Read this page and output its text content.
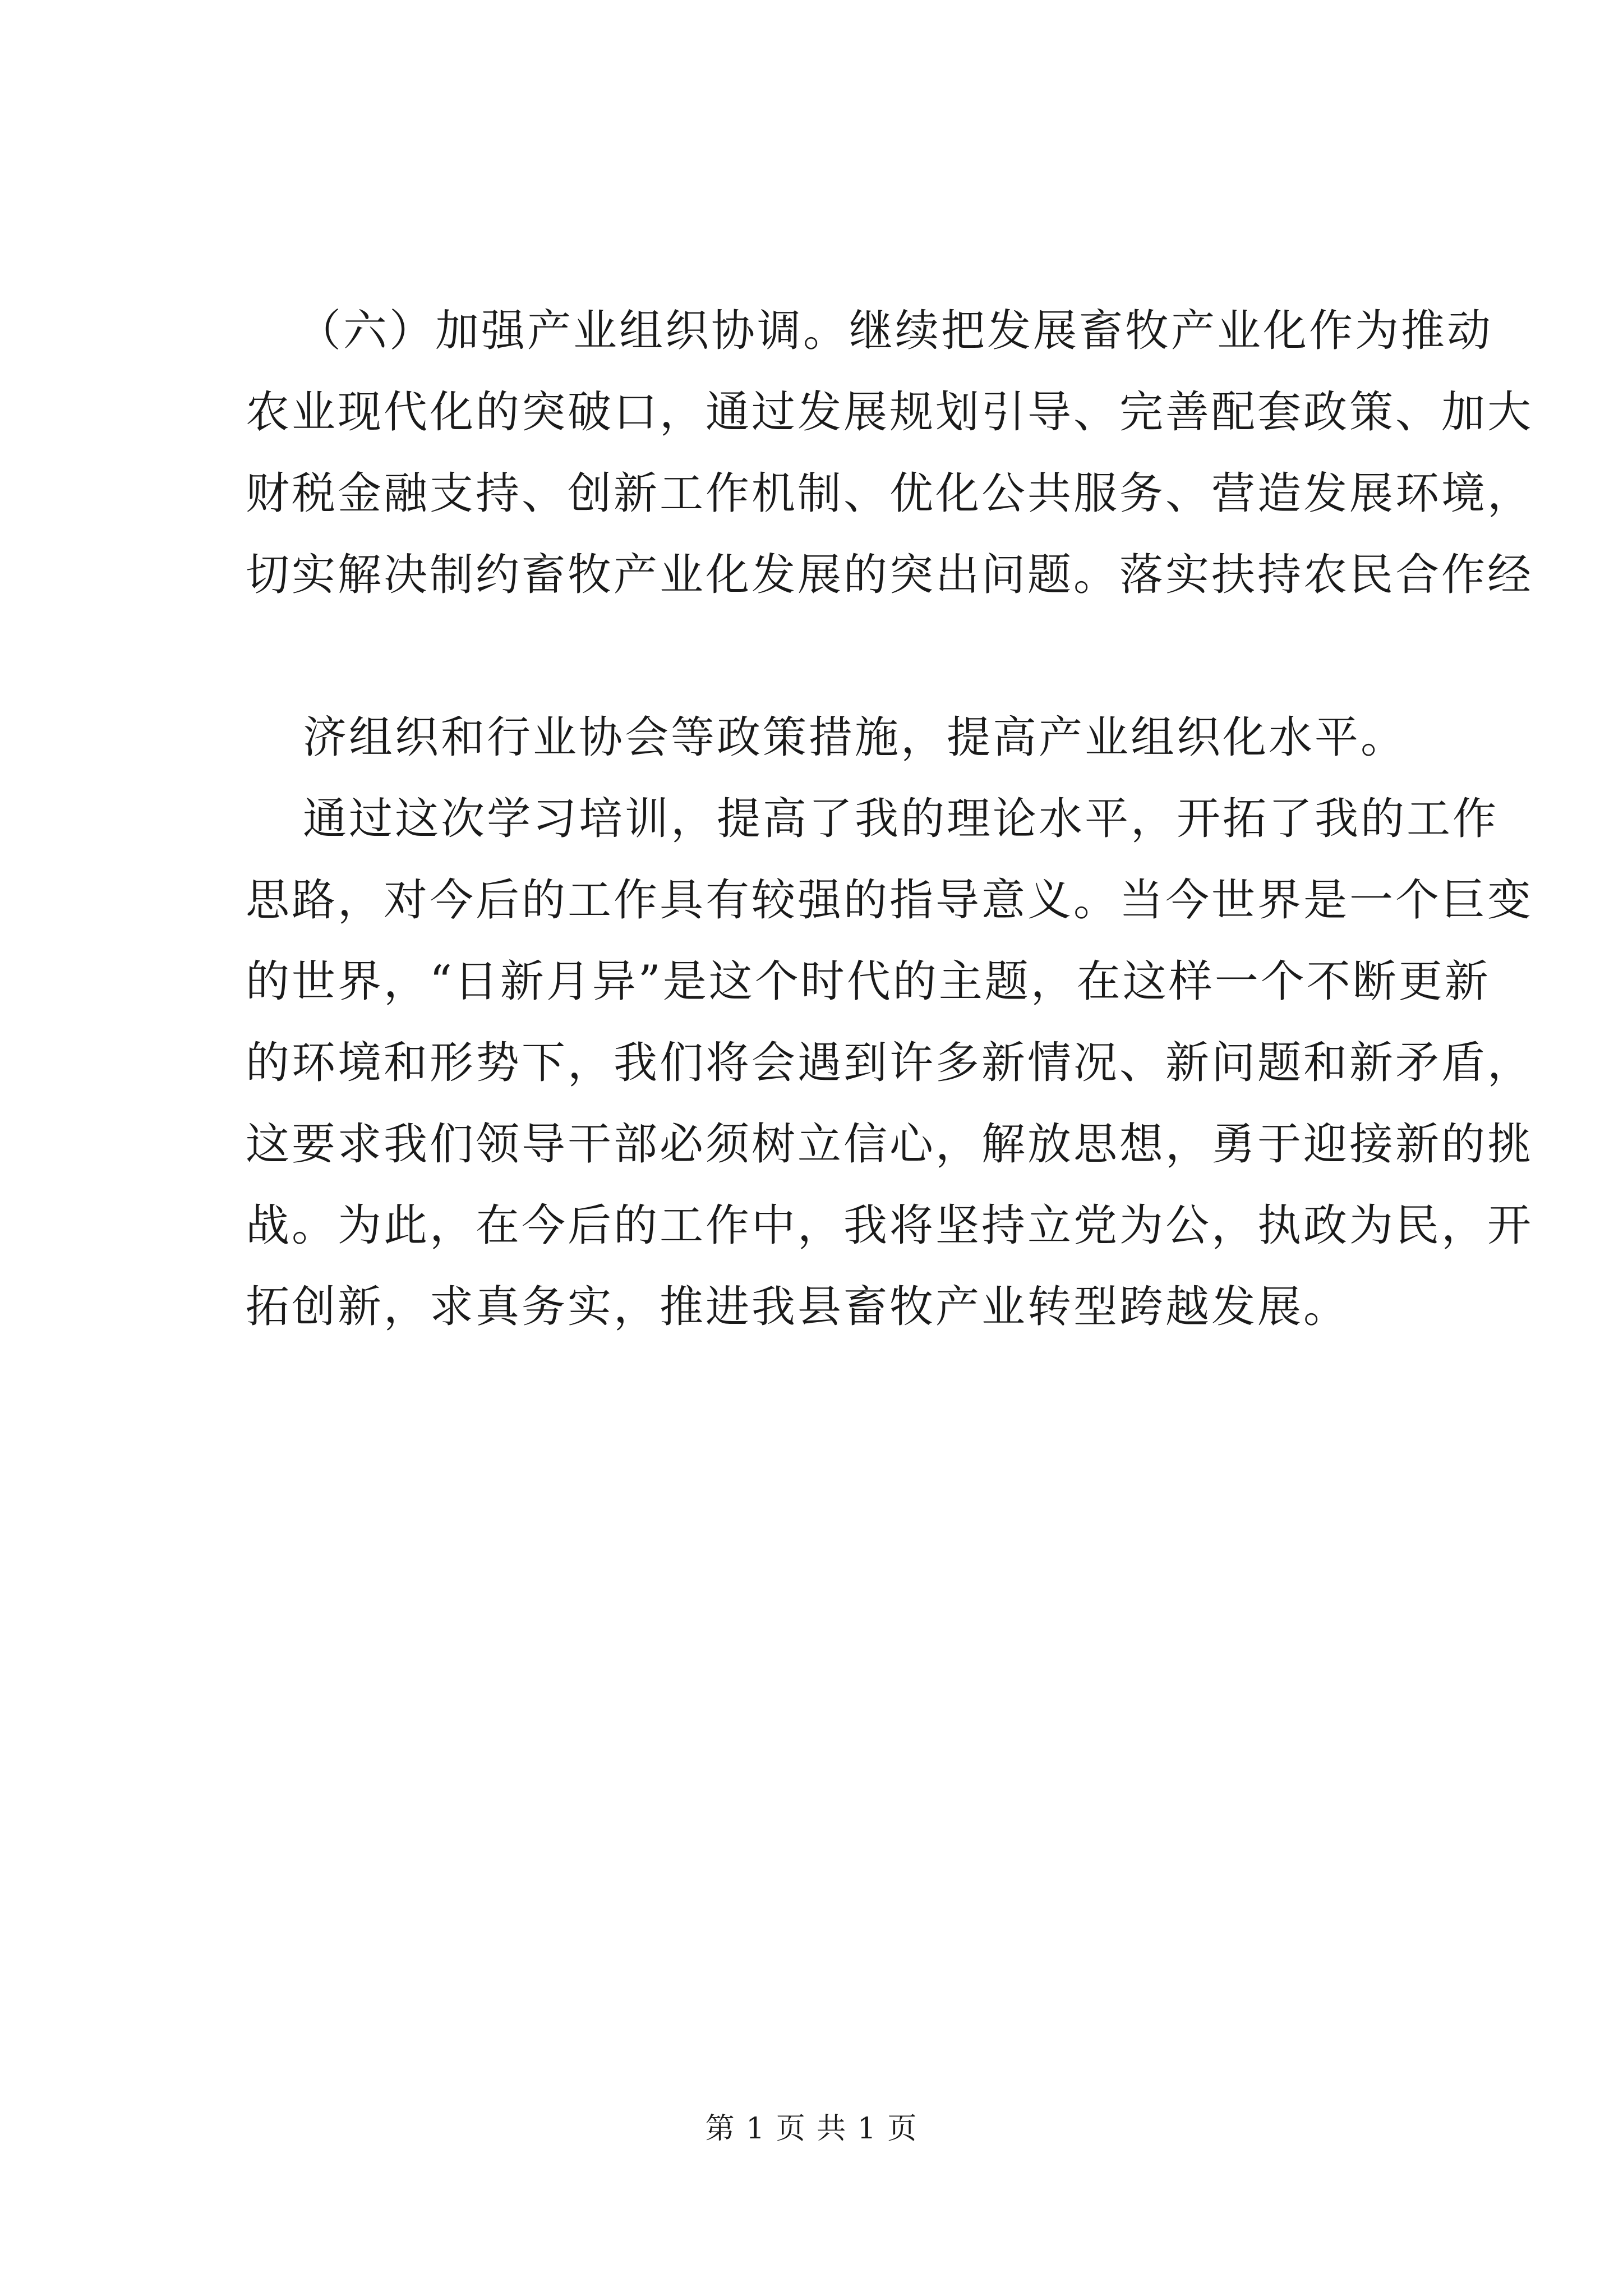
（六）加强产业组织协调。继续把发展畜牧产业化作为推动
农业现代化的突破口，通过发展规划引导、完善配套政策、加大
财税金融支持、创新工作机制、优化公共服务、营造发展环境，
切实解决制约畜牧产业化发展的突出问题。落实扶持农民合作经
济组织和行业协会等政策措施，提高产业组织化水平。
通过这次学习培训，提高了我的理论水平，开拓了我的工作
思路，对今后的工作具有较强的指导意义。当今世界是一个巨变
的世界，“日新月异”是这个时代的主题，在这样一个不断更新
的环境和形势下，我们将会遇到许多新情况、新问题和新矛盾，
这要求我们领导干部必须树立信心，解放思想，勇于迎接新的挑
战。为此，在今后的工作中，我将坚持立党为公，执政为民，开
拓创新，求真务实，推进我县畜牧产业转型跨越发展。
第 1 页 共 1 页
